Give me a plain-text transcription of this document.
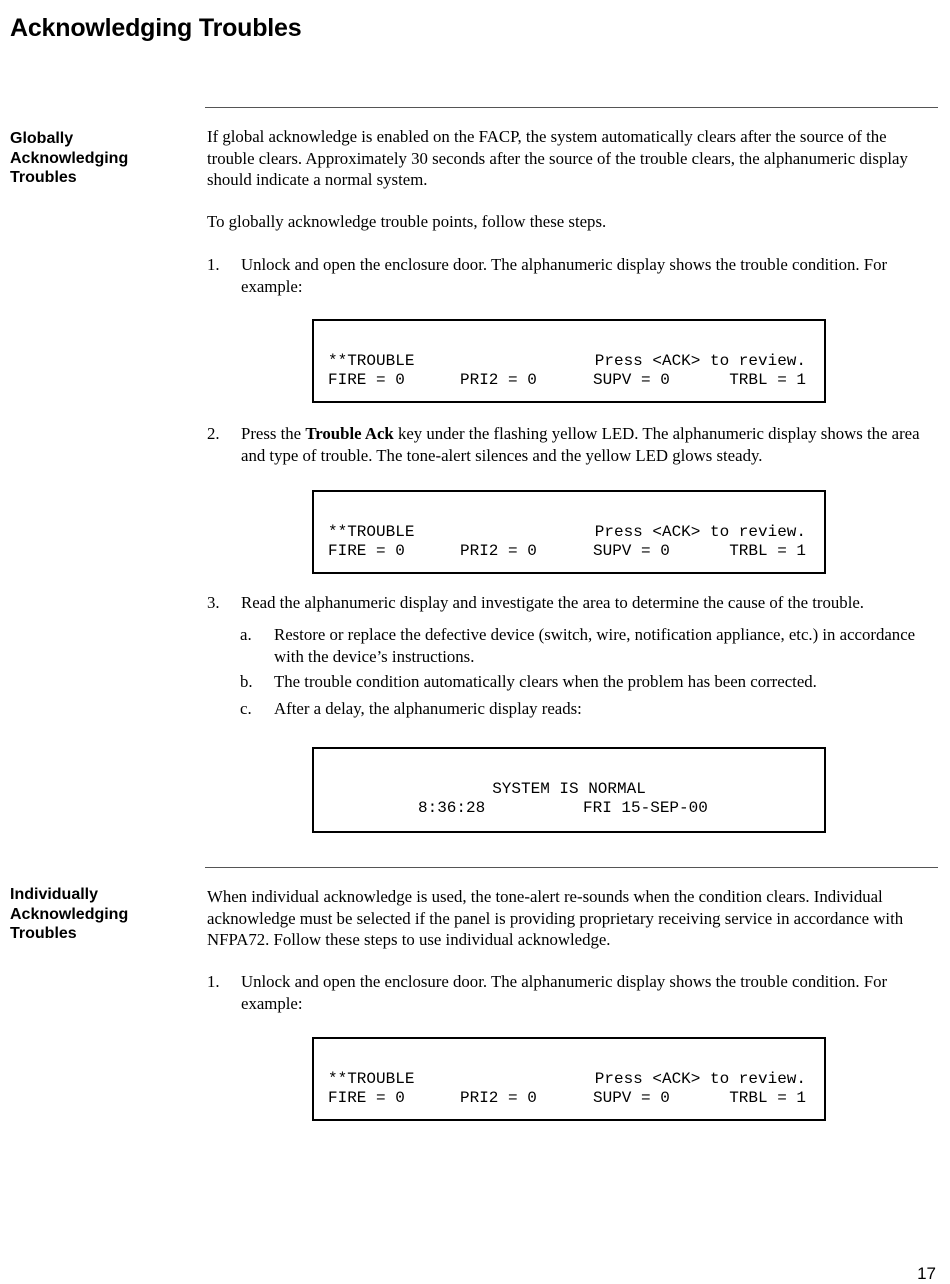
Acknowledging Troubles
Globally
Acknowledging
Troubles
If global acknowledge is enabled on the FACP, the system automatically clears after the source of the trouble clears. Approximately 30 seconds after the source of the trouble clears, the alphanumeric display should indicate a normal system.
To globally acknowledge trouble points, follow these steps.
1. Unlock and open the enclosure door. The alphanumeric display shows the trouble condition. For example:
**TROUBLE	Press <ACK> to review.
FIRE = 0	PRI2 = 0	SUPV = 0	TRBL = 1
2. Press the Trouble Ack key under the flashing yellow LED. The alphanumeric display shows the area and type of trouble. The tone-alert silences and the yellow LED glows steady.
**TROUBLE	Press <ACK> to review.
FIRE = 0	PRI2 = 0	SUPV = 0	TRBL = 1
3. Read the alphanumeric display and investigate the area to determine the cause of the trouble.
a. Restore or replace the defective device (switch, wire, notification appliance, etc.) in accordance with the device’s instructions.
b. The trouble condition automatically clears when the problem has been corrected.
c. After a delay, the alphanumeric display reads:
SYSTEM IS NORMAL
8:36:28	FRI 15-SEP-00
Individually
Acknowledging
Troubles
When individual acknowledge is used, the tone-alert re-sounds when the condition clears. Individual acknowledge must be selected if the panel is providing proprietary receiving service in accordance with NFPA72. Follow these steps to use individual acknowledge.
1. Unlock and open the enclosure door. The alphanumeric display shows the trouble condition. For example:
**TROUBLE	Press <ACK> to review.
FIRE = 0	PRI2 = 0	SUPV = 0	TRBL = 1
17
